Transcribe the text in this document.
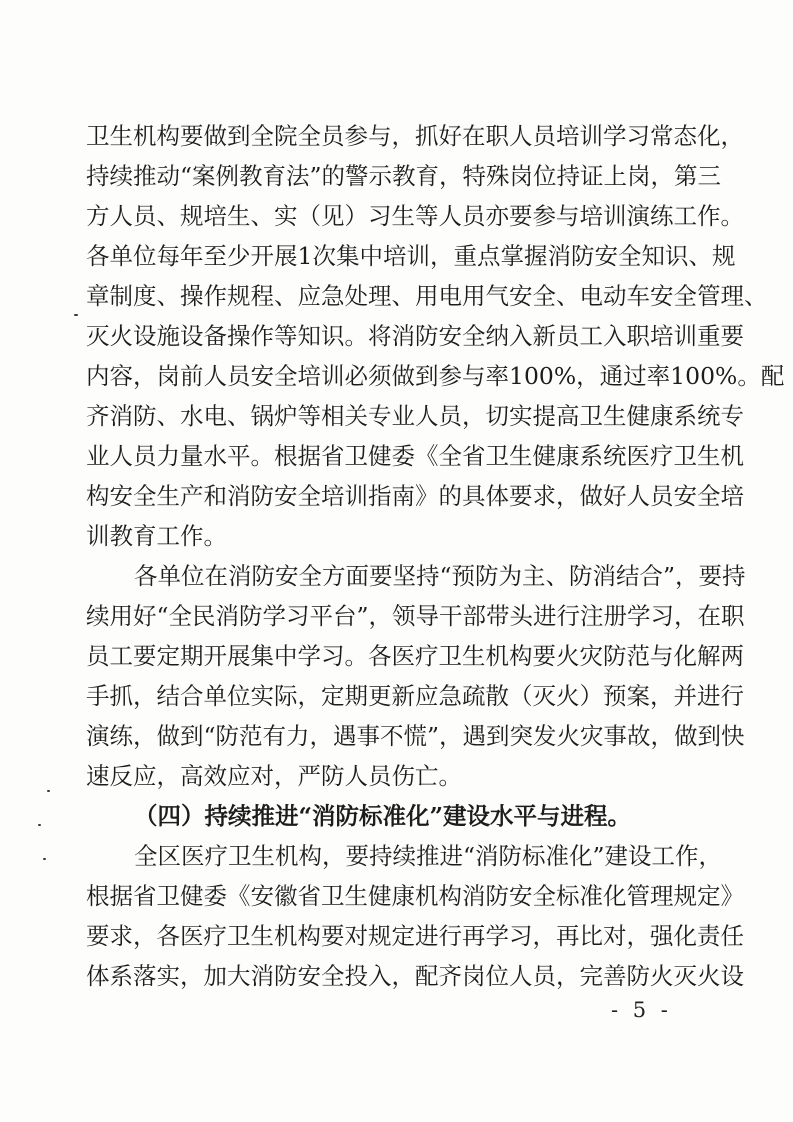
卫生机构要做到全院全员参与，抓好在职人员培训学习常态化，
持续推动“案例教育法”的警示教育，特殊岗位持证上岗，第三
方人员、规培生、实（见）习生等人员亦要参与培训演练工作。
各单位每年至少开展1次集中培训，重点掌握消防安全知识、规
章制度、操作规程、应急处理、用电用气安全、电动车安全管理、
灭火设施设备操作等知识。将消防安全纳入新员工入职培训重要
内容，岗前人员安全培训必须做到参与率100%，通过率100%。配
齐消防、水电、锅炉等相关专业人员，切实提高卫生健康系统专
业人员力量水平。根据省卫健委《全省卫生健康系统医疗卫生机
构安全生产和消防安全培训指南》的具体要求，做好人员安全培
训教育工作。
各单位在消防安全方面要坚持“预防为主、防消结合”，要持
续用好“全民消防学习平台”，领导干部带头进行注册学习，在职
员工要定期开展集中学习。各医疗卫生机构要火灾防范与化解两
手抓，结合单位实际，定期更新应急疏散（灭火）预案，并进行
演练，做到“防范有力，遇事不慌”，遇到突发火灾事故，做到快
速反应，高效应对，严防人员伤亡。
（四）持续推进“消防标准化”建设水平与进程。
全区医疗卫生机构，要持续推进“消防标准化”建设工作，
根据省卫健委《安徽省卫生健康机构消防安全标准化管理规定》
要求，各医疗卫生机构要对规定进行再学习，再比对，强化责任
体系落实，加大消防安全投入，配齐岗位人员，完善防火灭火设
- 5 -
